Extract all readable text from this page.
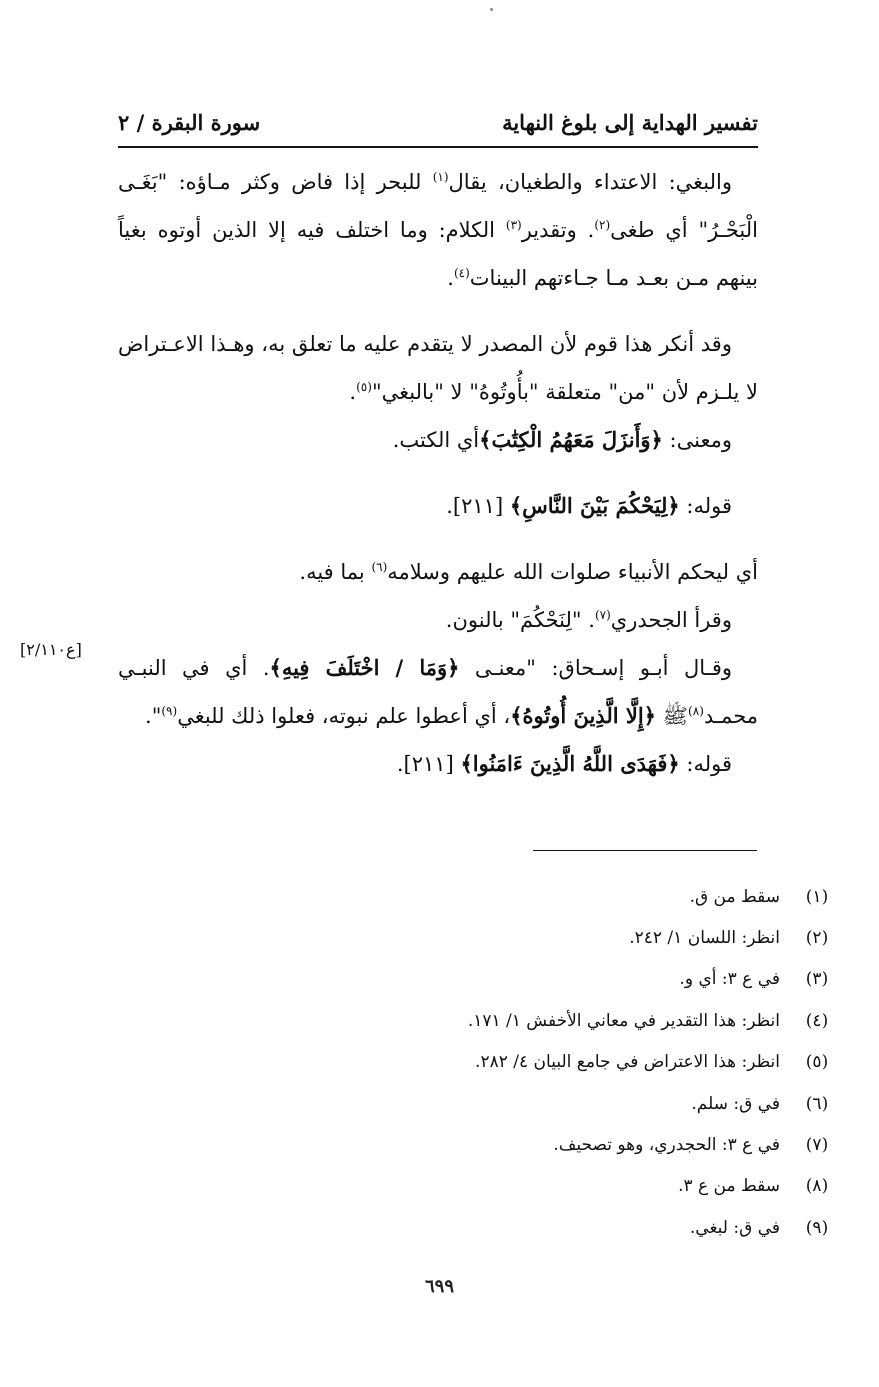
تفسير الهداية إلى بلوغ النهاية
سورة البقرة / ٢

والبغي: الاعتداء والطغيان، يقال$^{(١)}$ للبحر إذا فاض وكثر مـاؤه: "بَغَـى الْبَحْـرُ" أي طغى$^{(٢)}$. وتقدير$^{(٣)}$ الكلام: وما اختلف فيه إلا الذين أوتوه بغياً بينهم مـن بعـد مـا جـاءتهم البينات$^{(٤)}$.

وقد أنكر هذا قوم لأن المصدر لا يتقدم عليه ما تعلق به، وهـذا الاعـتراض لا يلـزم لأن "من" متعلقة "بأُوتُوهُ" لا "بالبغي"$^{(٥)}$.

ومعنى: ﴿وَأَنزَلَ مَعَهُمُ الْكِتَٰبَ﴾أي الكتب.

قوله: ﴿لِيَحْكُمَ بَيْنَ النَّاسِ﴾ [٢١١].

أي ليحكم الأنبياء صلوات الله عليهم وسلامه$^{(٦)}$ بما فيه.

وقرأ الجحدري$^{(٧)}$. "لِنَحْكُمَ" بالنون.

وقـال أبـو إسـحاق: "معنـى ﴿وَمَا / اخْتَلَفَ فِيهِ﴾. أي في النبـي محمـد$^{(٨)}$ﷺ ﴿إِلَّا الَّذِينَ أُوتُوهُ﴾، أي أعطوا علم نبوته، فعلوا ذلك للبغي$^{(٩)}$".

قوله: ﴿فَهَدَى اللَّهُ الَّذِينَ ءَامَنُوا﴾ [٢١١].

[ع٢/١١٠]
(١)
سقط من ق.
(٢)
انظر: اللسان ١/ ٢٤٢.
(٣)
في ع ٣: أي و.
(٤)
انظر: هذا التقدير في معاني الأخفش ١/ ١٧١.
(٥)
انظر: هذا الاعتراض في جامع البيان ٤/ ٢٨٢.
(٦)
في ق: سلم.
(٧)
في ع ٣: الحجدري، وهو تصحيف.
(٨)
سقط من ع ٣.
(٩)
في ق: لبغي.
٦٩٩
